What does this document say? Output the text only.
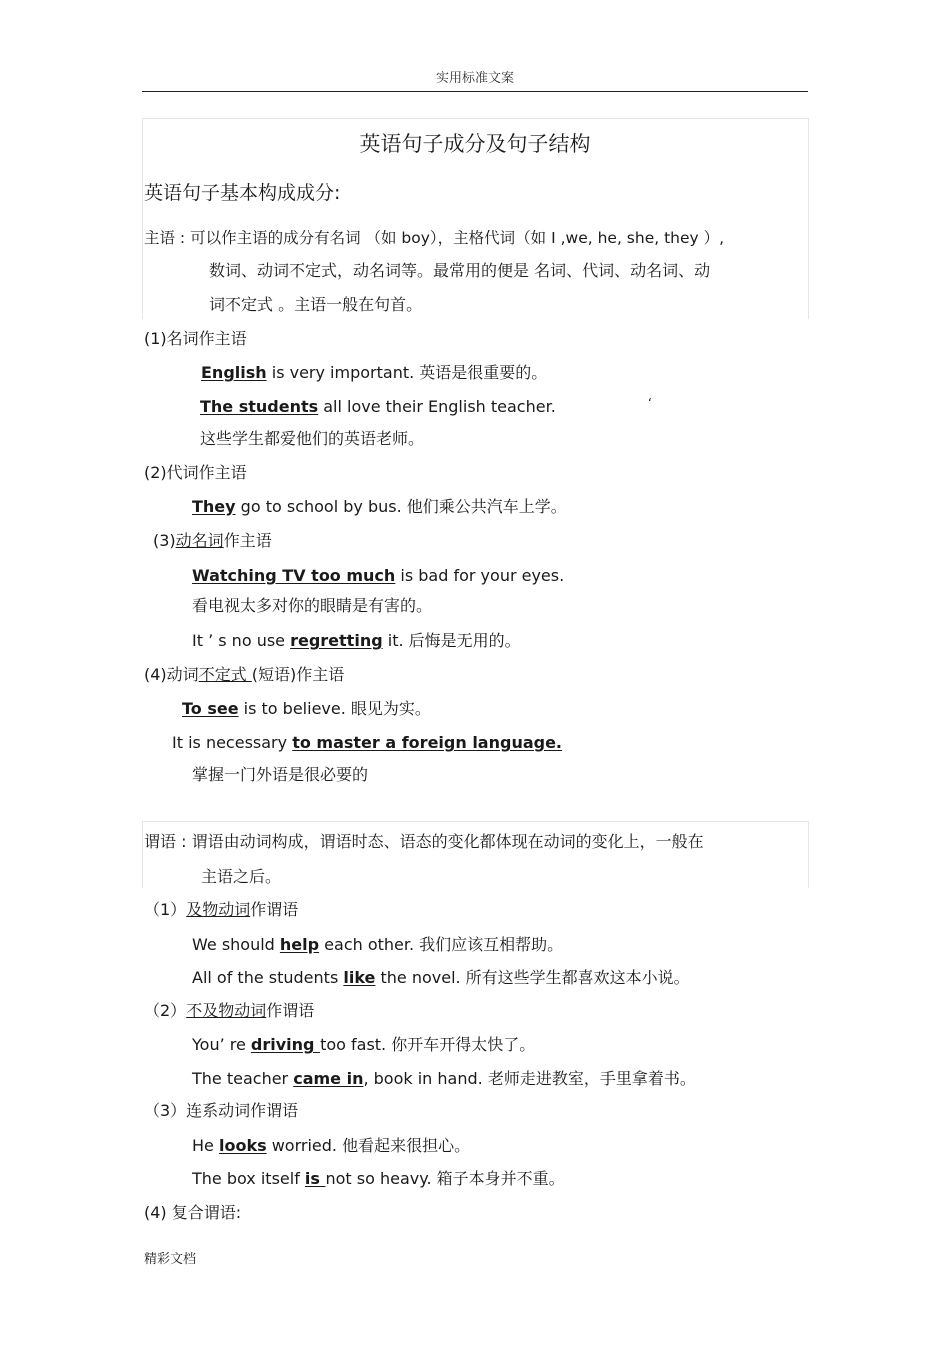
实用标准文案
英语句子成分及句子结构
英语句子基本构成成分:
主语 : 可以作主语的成分有名词 （如 boy），主格代词（如 I ,we, he, she, they ）,
数词、动词不定式，动名词等。最常用的便是 名词、代词、动名词、动
词不定式 。主语一般在句首。
(1)名词作主语
English is very important. 英语是很重要的。
The students all love their English teacher.	‘
这些学生都爱他们的英语老师。
(2)代词作主语
They go to school by bus. 他们乘公共汽车上学。
(3)动名词作主语
Watching TV too much is bad for your eyes.
看电视太多对你的眼睛是有害的。
It ’ s no use regretting it. 后悔是无用的。
(4)动词不定式 (短语)作主语
To see is to believe. 眼见为实。
It is necessary to master a foreign language.
掌握一门外语是很必要的
谓语 : 谓语由动词构成，谓语时态、语态的变化都体现在动词的变化上，一般在
主语之后。
（1）及物动词作谓语
We should help each other. 我们应该互相帮助。
All of the students like the novel. 所有这些学生都喜欢这本小说。
（2）不及物动词作谓语
You’ re driving too fast. 你开车开得太快了。
The teacher came in, book in hand. 老师走进教室，手里拿着书。
（3）连系动词作谓语
He looks worried. 他看起来很担心。
The box itself is not so heavy. 箱子本身并不重。
(4) 复合谓语:
精彩文档
